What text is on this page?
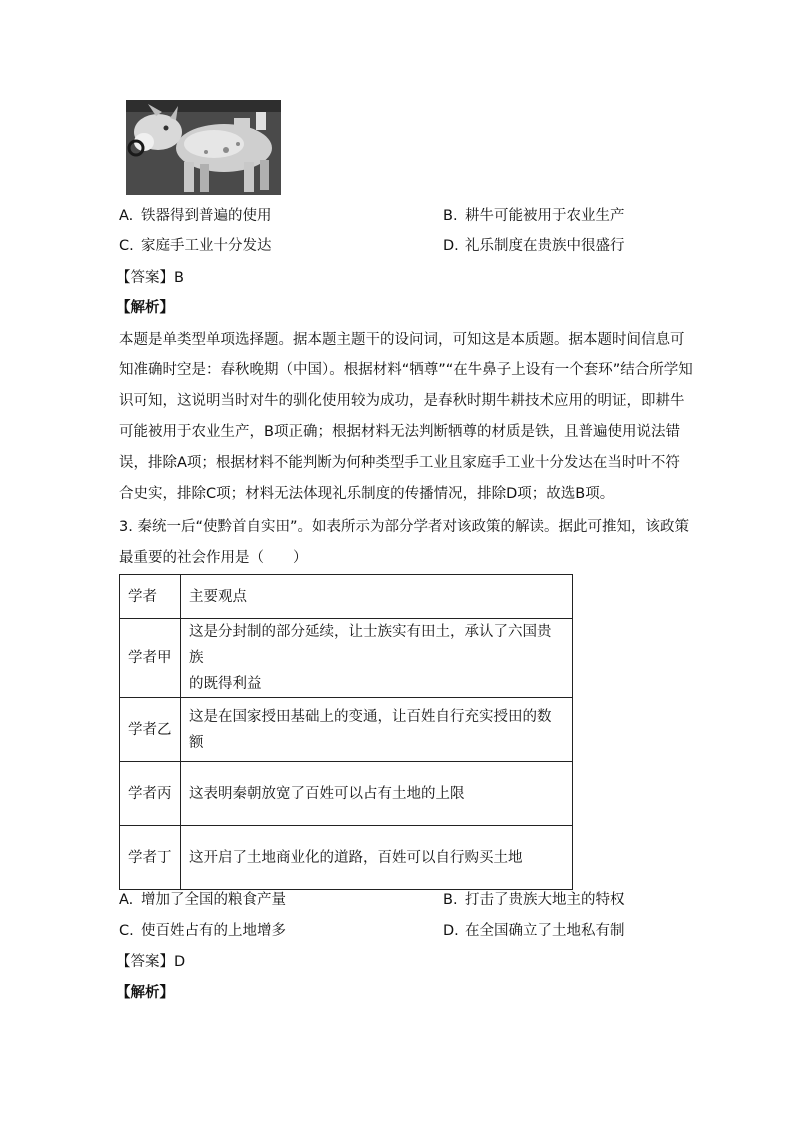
A. 铁器得到普遍的使用	B. 耕牛可能被用于农业生产
C. 家庭手工业十分发达	D. 礼乐制度在贵族中很盛行
【答案】B
【解析】
本题是单类型单项选择题。据本题主题干的设问词，可知这是本质题。据本题时间信息可
知准确时空是：春秋晚期（中国）。根据材料“牺尊”“在牛鼻子上设有一个套环”结合所学知
识可知，这说明当时对牛的驯化使用较为成功，是春秋时期牛耕技术应用的明证，即耕牛
可能被用于农业生产，B项正确；根据材料无法判断牺尊的材质是铁，且普遍使用说法错
误，排除A项；根据材料不能判断为何种类型手工业且家庭手工业十分发达在当时叶不符
合史实，排除C项；材料无法体现礼乐制度的传播情况，排除D项；故选B项。
3. 秦统一后“使黔首自实田”。如表所示为部分学者对该政策的解读。据此可推知，该政策
最重要的社会作用是（　　）
学者	主要观点
学者甲	这是分封制的部分延续，让士族实有田土，承认了六国贵族
的既得利益

学者乙	这是在国家授田基础上的变通，让百姓自行充实授田的数额
学者丙	这表明秦朝放宽了百姓可以占有土地的上限
学者丁	这开启了土地商业化的道路，百姓可以自行购买土地
A. 增加了全国的粮食产量	B. 打击了贵族大地主的特权
C. 使百姓占有的上地增多	D. 在全国确立了土地私有制
【答案】D
【解析】
